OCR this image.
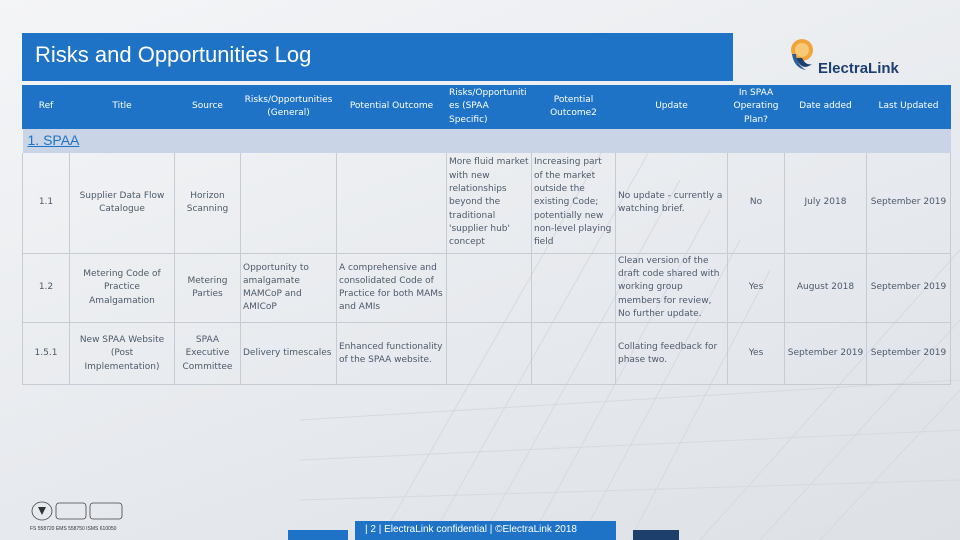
Risks and Opportunities Log
ElectraLink
Ref	Title	Source	Risks/Opportunities (General)	Potential Outcome	Risks/Opportunities (SPAA Specific)	Potential Outcome2	Update	In SPAA Operating Plan?	Date added	Last Updated
1. SPAA										
1.1	Supplier Data Flow Catalogue	Horizon Scanning			More fluid market with new relationships beyond the traditional 'supplier hub' concept	Increasing part of the market outside the existing Code; potentially new non-level playing field	No update - currently a watching brief.	No	July 2018	September 2019
1.2	Metering Code of Practice Amalgamation	Metering Parties	Opportunity to amalgamate MAMCoP and AMICoP	A comprehensive and consolidated Code of Practice for both MAMs and AMIs			Clean version of the draft code shared with working group members for review, No further update.	Yes	August 2018	September 2019
1.5.1	New SPAA Website (Post Implementation)	SPAA Executive Committee	Delivery timescales	Enhanced functionality of the SPAA website.			Collating feedback for phase two.	Yes	September 2019	September 2019
FS 558720 EMS 558750 ISMS 610050	| 2 | ElectraLink confidential | ©ElectraLink 2018
